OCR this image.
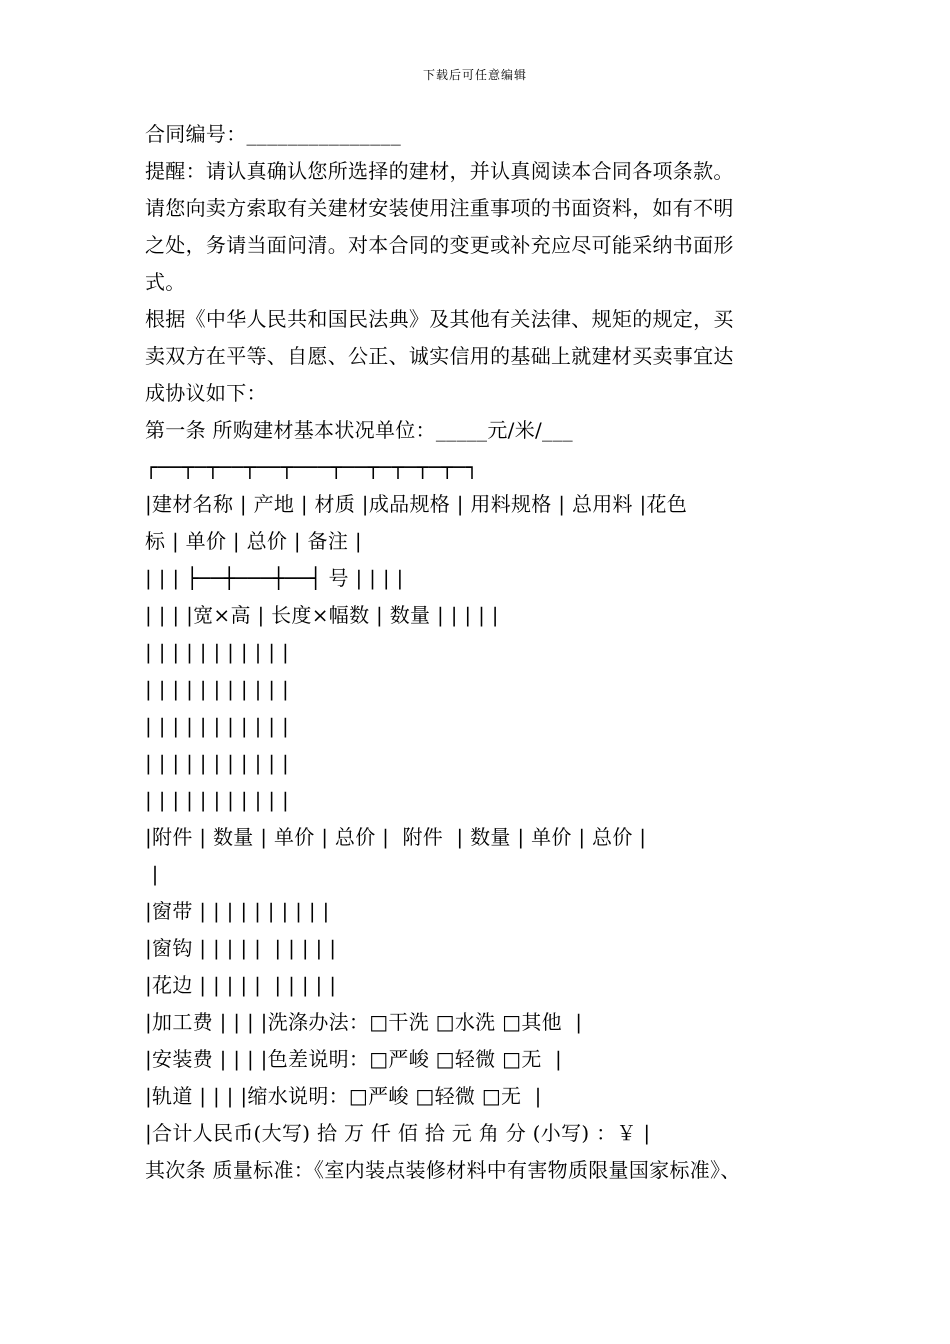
下载后可任意编辑
合同编号：_______________
提醒：请认真确认您所选择的建材，并认真阅读本合同各项条款。
请您向卖方索取有关建材安装使用注重事项的书面资料，如有不明
之处，务请当面问清。对本合同的变更或补充应尽可能采纳书面形
式。
根据《中华人民共和国民法典》及其他有关法律、规矩的规定，买
卖双方在平等、自愿、公正、诚实信用的基础上就建材买卖事宜达
成协议如下：
第一条 所购建材基本状况单位：_____元/米/___
┌──┬─┬──┬──┬───┬──┬─┬─┬─┬─┐
|建材名称 | 产地 | 材质 |成品规格 | 用料规格 | 总用料 |花色
标 | 单价 | 总价 | 备注 |
| | | ├──┼───┼──┤ 号 | | | |
| | | |宽×高 | 长度×幅数 | 数量 | | | | |
| | | | | | | | | | |
| | | | | | | | | | |
| | | | | | | | | | |
| | | | | | | | | | |
| | | | | | | | | | |
|附件 | 数量 | 单价 | 总价 |  附件  | 数量 | 单价 | 总价 |
|
|窗带 | | | | | | | | | |
|窗钩 | | | | |  | | | | |
|花边 | | | | |  | | | | |
|加工费 | | | |洗涤办法：□干洗 □水洗 □其他  |
|安装费 | | | |色差说明：□严峻 □轻微 □无  |
|轨道 | | | |缩水说明：□严峻 □轻微 □无  |
|合计人民币(大写) 拾 万 仟 佰 拾 元 角 分 (小写) ：￥ |
其次条 质量标准：《室内装点装修材料中有害物质限量国家标准》、
